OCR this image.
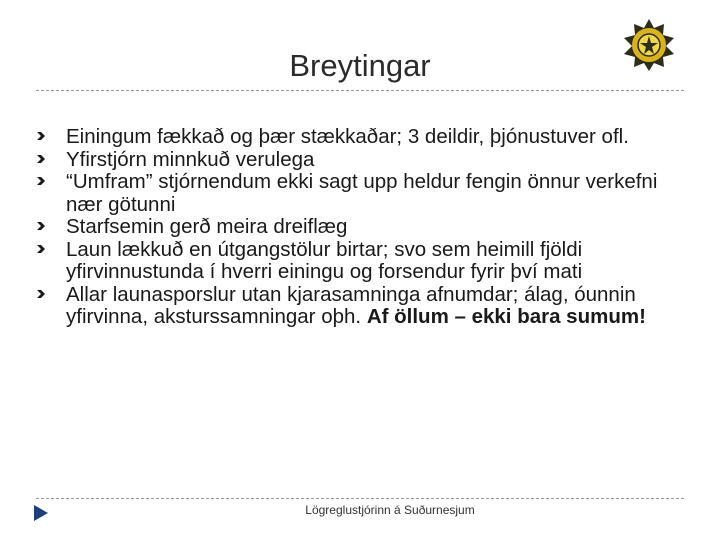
Breytingar
Einingum fækkað og þær stækkaðar; 3 deildir, þjónustuver ofl.
Yfirstjórn minnkuð verulega
“Umfram” stjórnendum ekki sagt upp heldur fengin önnur verkefni nær götunni
Starfsemin gerð meira dreiflæg
Laun lækkuð en útgangstölur birtar; svo sem heimill fjöldi yfirvinnustunda í hverri einingu og forsendur fyrir því mati
Allar launasporslur utan kjarasamninga afnumdar; álag, óunnin yfirvinna, aksturssamningar oþh. Af öllum – ekki bara sumum!
Lögreglustjórinn á Suðurnesjum
